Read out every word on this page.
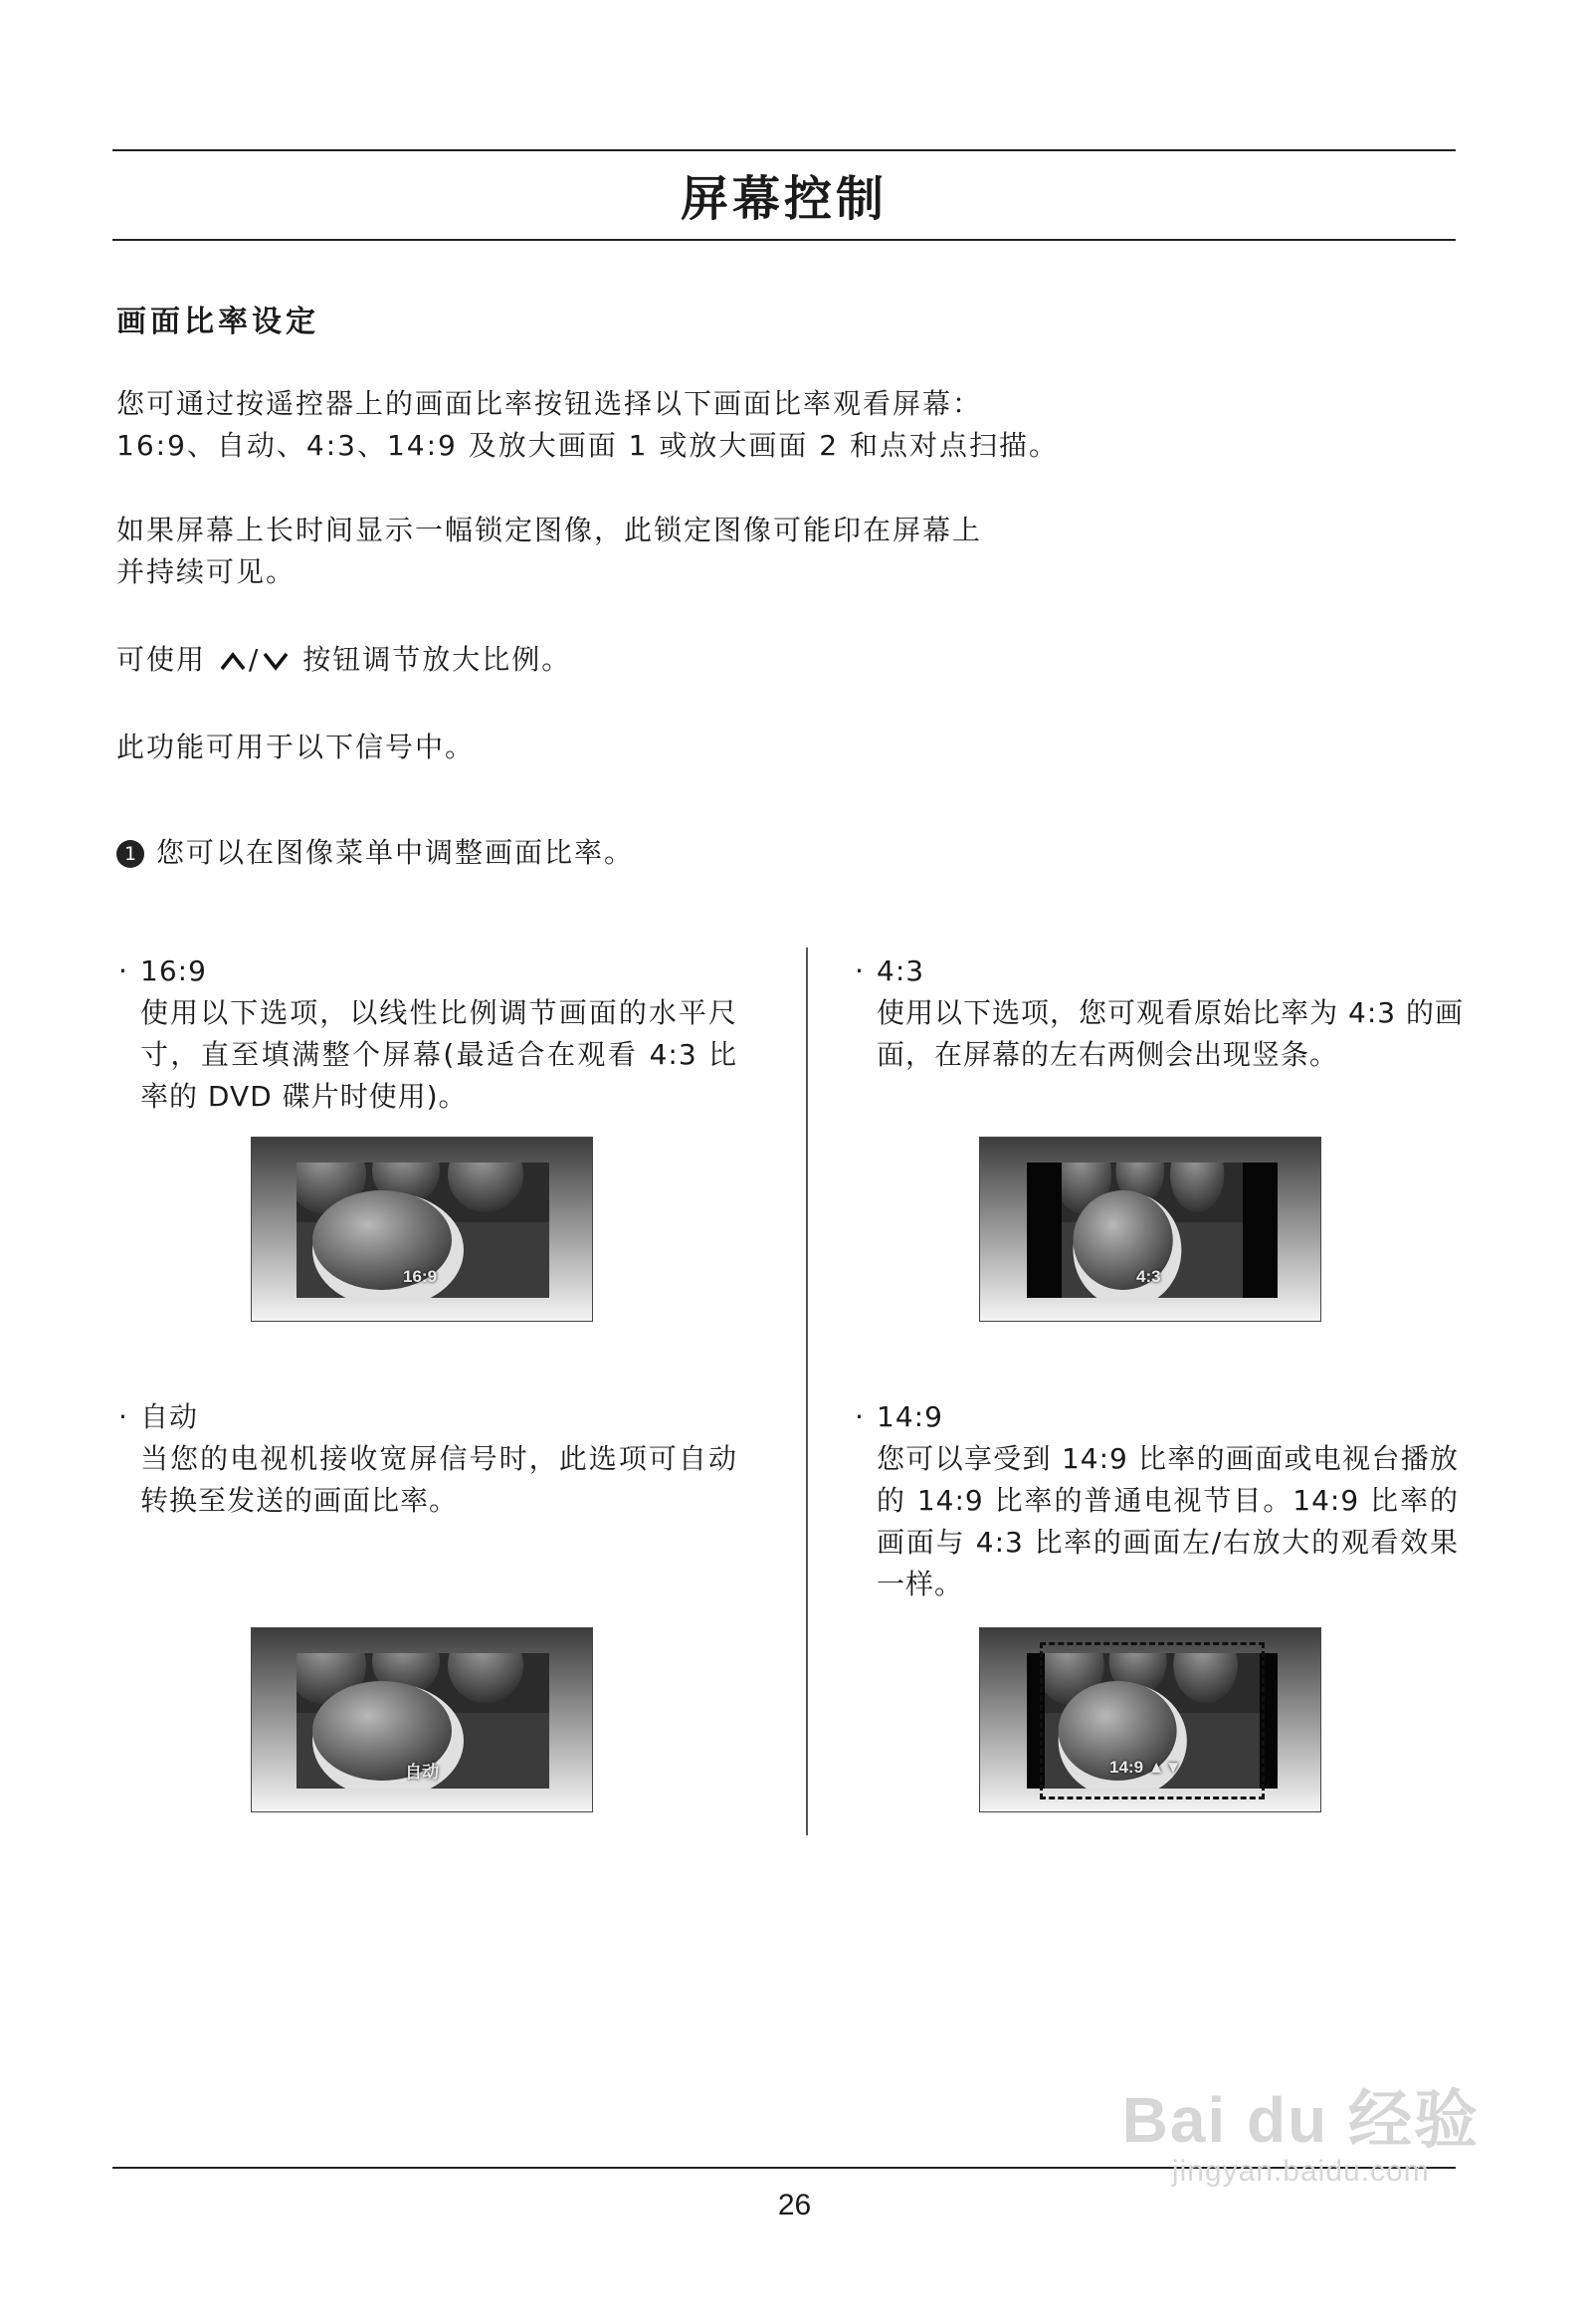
屏幕控制
画面比率设定

您可通过按遥控器上的画面比率按钮选择以下画面比率观看屏幕：

16:9、自动、4:3、14:9 及放大画面 1 或放大画面 2 和点对点扫描。

如果屏幕上长时间显示一幅锁定图像，此锁定图像可能印在屏幕上

并持续可见。

可使用 / 按钮调节放大比例。

此功能可用于以下信号中。
1 您可以在图像菜单中调整画面比率。

· 16:9

使用以下选项，以线性比例调节画面的水平尺寸，直至填满整个屏幕(最适合在观看 4:3 比率的 DVD 碟片时使用)。

· 4:3

使用以下选项，您可观看原始比率为 4:3 的画面，在屏幕的左右两侧会出现竖条。

· 自动

当您的电视机接收宽屏信号时，此选项可自动转换至发送的画面比率。

· 14:9

您可以享受到 14:9 比率的画面或电视台播放的 14:9 比率的普通电视节目。14:9 比率的画面与 4:3 比率的画面左/右放大的观看效果一样。

16:9	4:3
自动	14:9 ▲▼
26
Bai du 经验
jingyan.baidu.com
